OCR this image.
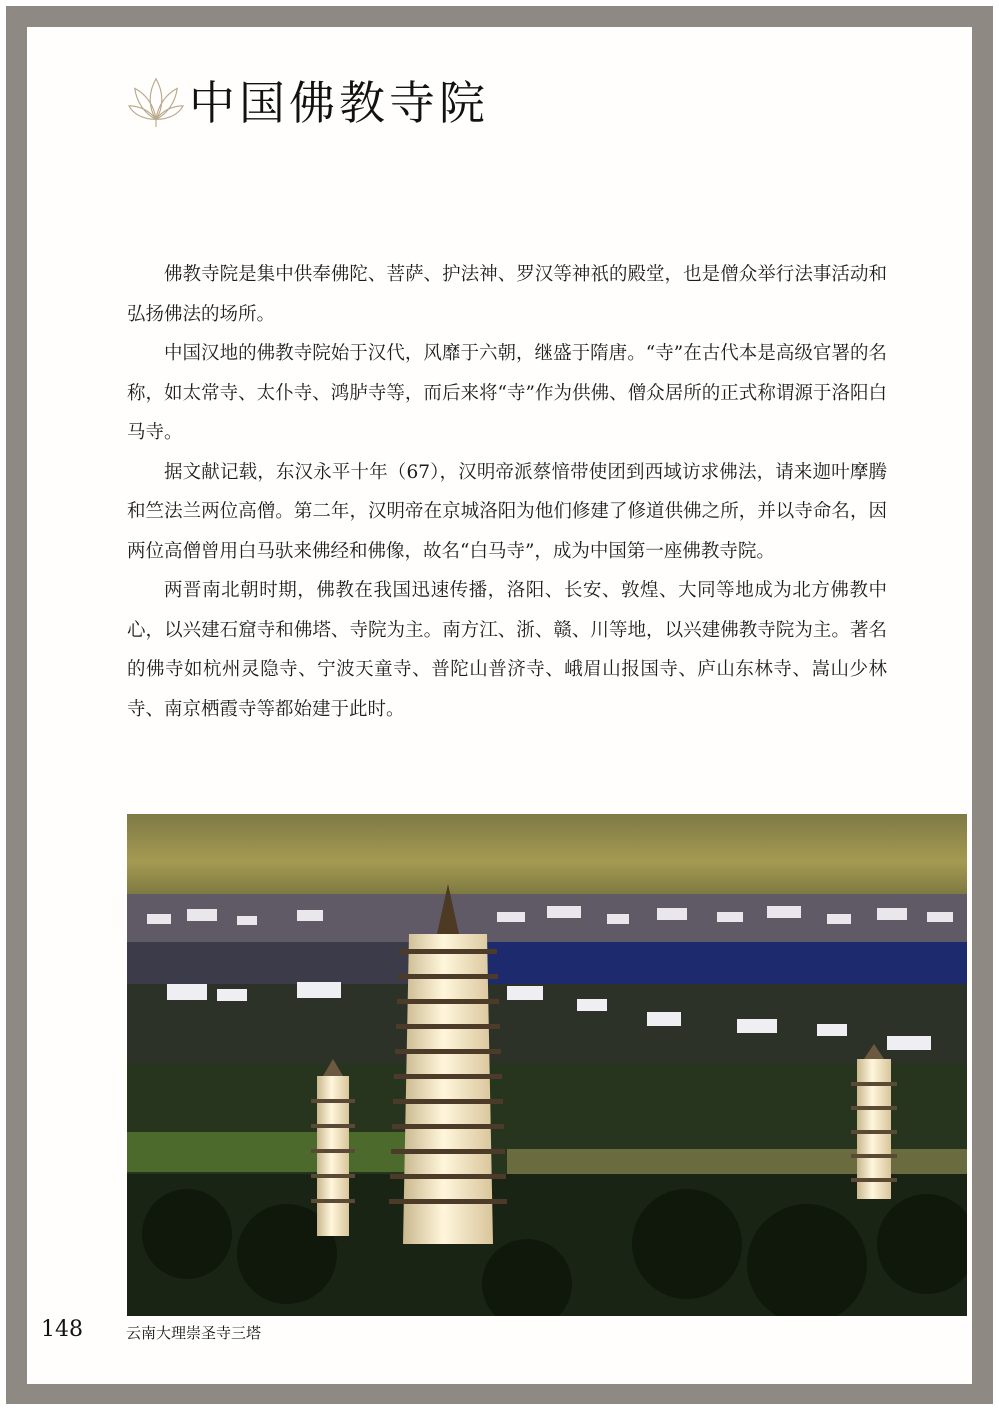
中国佛教寺院

佛教寺院是集中供奉佛陀、菩萨、护法神、罗汉等神祇的殿堂，也是僧众举行法事活动和弘扬佛法的场所。

中国汉地的佛教寺院始于汉代，风靡于六朝，继盛于隋唐。“寺”在古代本是高级官署的名称，如太常寺、太仆寺、鸿胪寺等，而后来将“寺”作为供佛、僧众居所的正式称谓源于洛阳白马寺。

据文献记载，东汉永平十年（67），汉明帝派蔡愔带使团到西域访求佛法，请来迦叶摩腾和竺法兰两位高僧。第二年，汉明帝在京城洛阳为他们修建了修道供佛之所，并以寺命名，因两位高僧曾用白马驮来佛经和佛像，故名“白马寺”，成为中国第一座佛教寺院。

两晋南北朝时期，佛教在我国迅速传播，洛阳、长安、敦煌、大同等地成为北方佛教中心，以兴建石窟寺和佛塔、寺院为主。南方江、浙、赣、川等地，以兴建佛教寺院为主。著名的佛寺如杭州灵隐寺、宁波天童寺、普陀山普济寺、峨眉山报国寺、庐山东林寺、嵩山少林寺、南京栖霞寺等都始建于此时。

148	云南大理崇圣寺三塔
